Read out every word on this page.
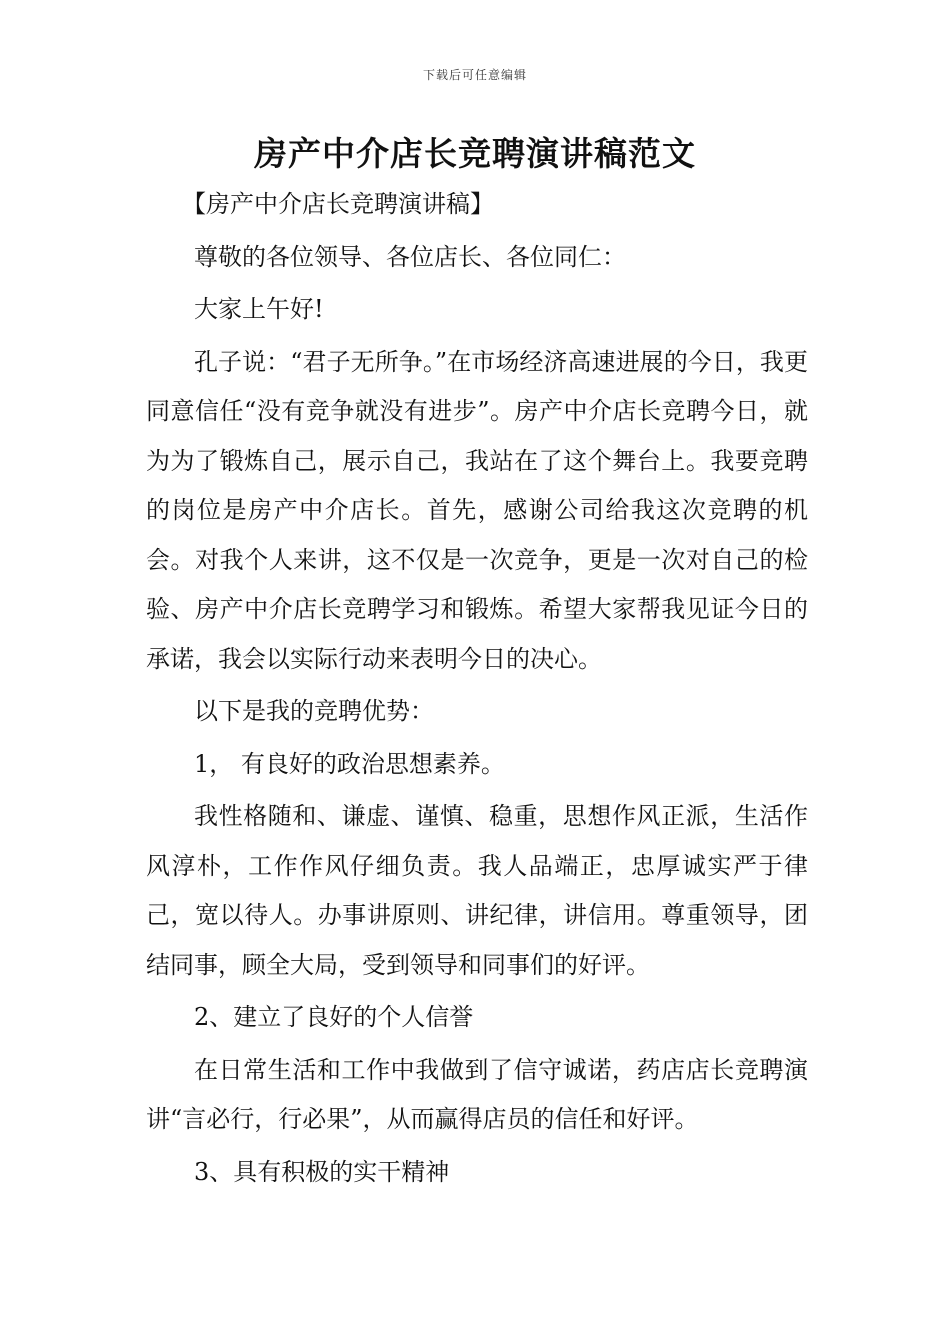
下载后可任意编辑
房产中介店长竞聘演讲稿范文

【房产中介店长竞聘演讲稿】

尊敬的各位领导、各位店长、各位同仁：

大家上午好!

孔子说：“君子无所争。”在市场经济高速进展的今日，我更同意信任“没有竞争就没有进步”。房产中介店长竞聘今日，就为为了锻炼自己，展示自己，我站在了这个舞台上。我要竞聘的岗位是房产中介店长。首先，感谢公司给我这次竞聘的机会。对我个人来讲，这不仅是一次竞争，更是一次对自己的检验、房产中介店长竞聘学习和锻炼。希望大家帮我见证今日的承诺，我会以实际行动来表明今日的决心。

以下是我的竞聘优势：

1， 有良好的政治思想素养。

我性格随和、谦虚、谨慎、稳重，思想作风正派，生活作风淳朴，工作作风仔细负责。我人品端正，忠厚诚实严于律己，宽以待人。办事讲原则、讲纪律，讲信用。尊重领导，团结同事，顾全大局，受到领导和同事们的好评。

2、建立了良好的个人信誉

在日常生活和工作中我做到了信守诚诺，药店店长竞聘演讲“言必行，行必果”，从而赢得店员的信任和好评。

3、具有积极的实干精神
